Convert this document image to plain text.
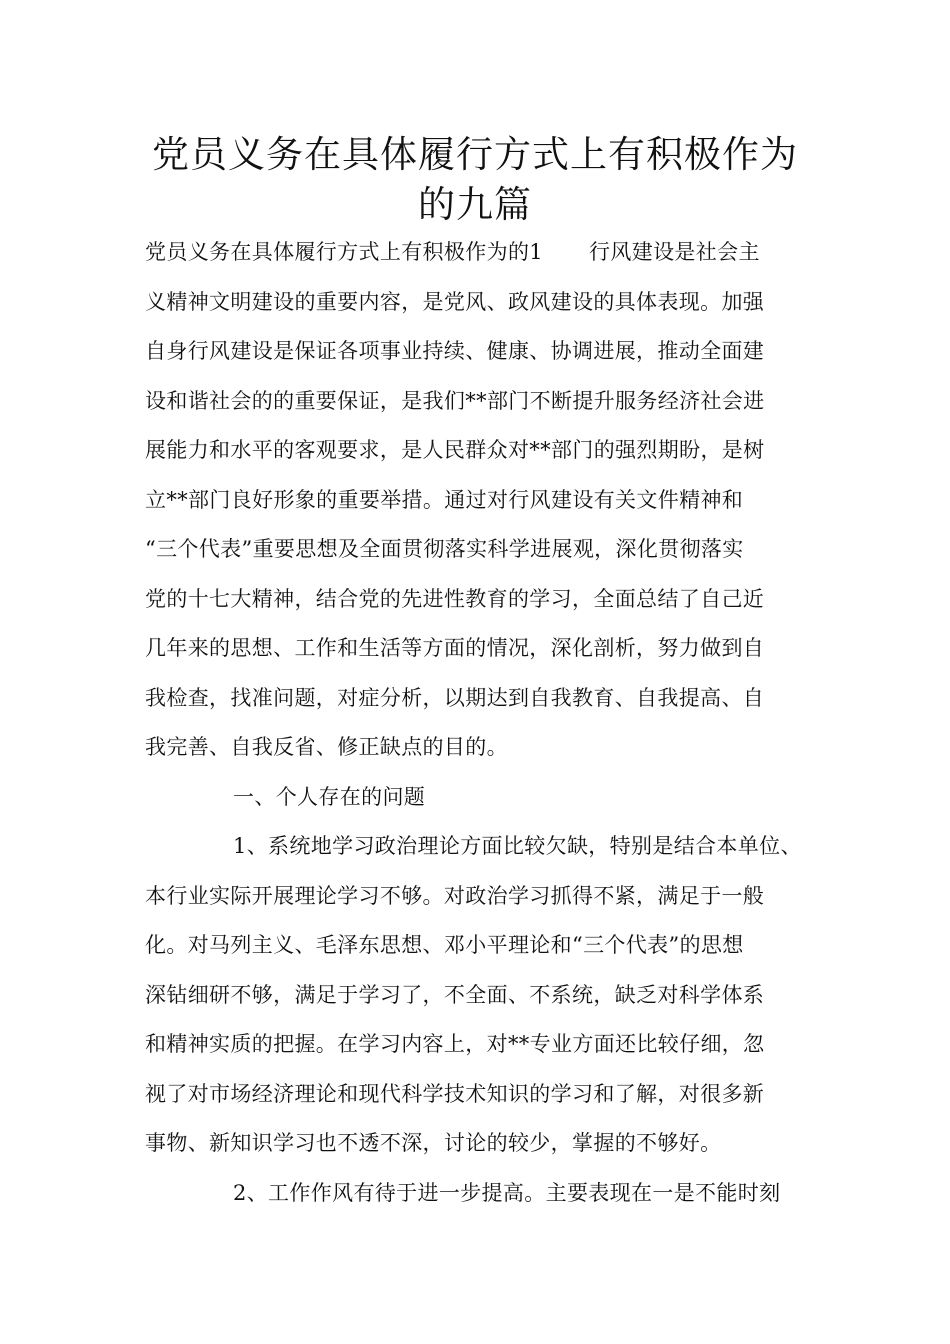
党员义务在具体履行方式上有积极作为
的九篇
党员义务在具体履行方式上有积极作为的1 行风建设是社会主
义精神文明建设的重要内容，是党风、政风建设的具体表现。加强
自身行风建设是保证各项事业持续、健康、协调进展，推动全面建
设和谐社会的的重要保证，是我们**部门不断提升服务经济社会进
展能力和水平的客观要求，是人民群众对**部门的强烈期盼，是树
立**部门良好形象的重要举措。通过对行风建设有关文件精神和
“三个代表”重要思想及全面贯彻落实科学进展观，深化贯彻落实
党的十七大精神，结合党的先进性教育的学习，全面总结了自己近
几年来的思想、工作和生活等方面的情况，深化剖析，努力做到自
我检查，找准问题，对症分析，以期达到自我教育、自我提高、自
我完善、自我反省、修正缺点的目的。
一、个人存在的问题
1、系统地学习政治理论方面比较欠缺，特别是结合本单位、
本行业实际开展理论学习不够。对政治学习抓得不紧，满足于一般
化。对马列主义、毛泽东思想、邓小平理论和“三个代表”的思想
深钻细研不够，满足于学习了，不全面、不系统，缺乏对科学体系
和精神实质的把握。在学习内容上，对**专业方面还比较仔细，忽
视了对市场经济理论和现代科学技术知识的学习和了解，对很多新
事物、新知识学习也不透不深，讨论的较少，掌握的不够好。
2、工作作风有待于进一步提高。主要表现在一是不能时刻
